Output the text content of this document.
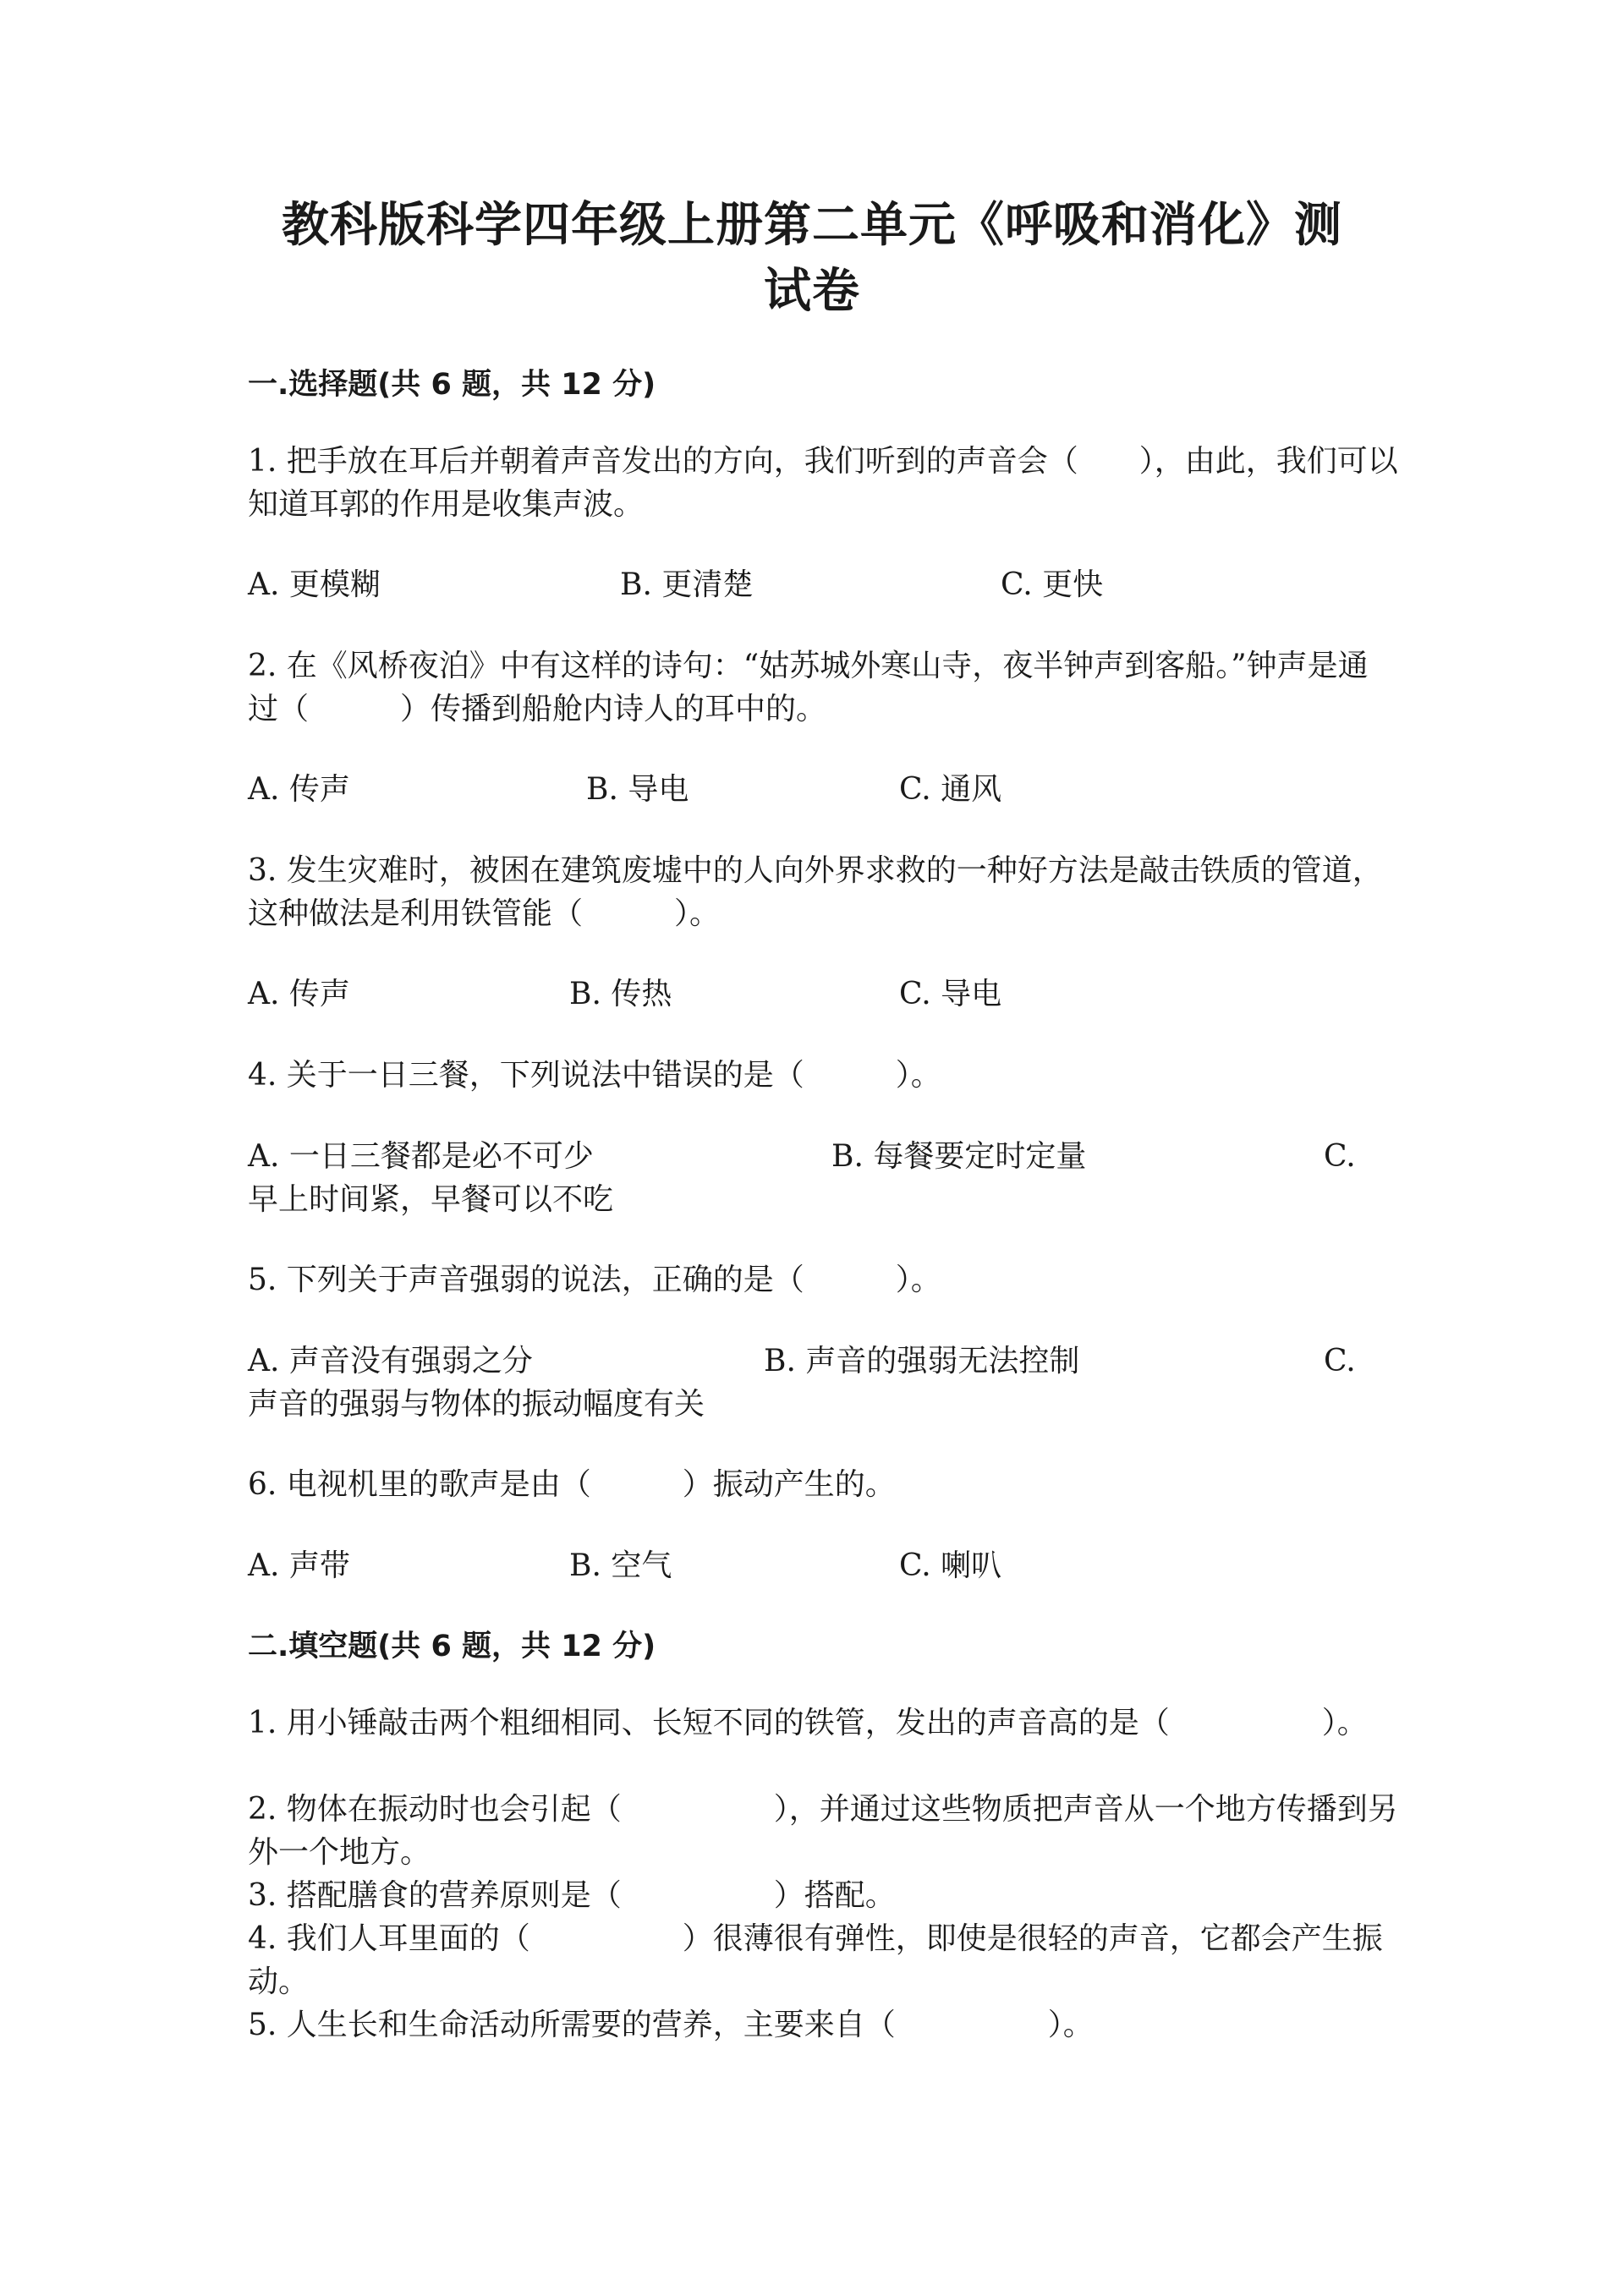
教科版科学四年级上册第二单元《呼吸和消化》测
试卷
一.选择题(共 6 题，共 12 分)
1. 把手放在耳后并朝着声音发出的方向，我们听到的声音会（　　），由此，我们可以知道耳郭的作用是收集声波。
A. 更模糊	B. 更清楚	C. 更快
2. 在《风桥夜泊》中有这样的诗句：“姑苏城外寒山寺，夜半钟声到客船。”钟声是通过（　　　）传播到船舱内诗人的耳中的。
A. 传声	B. 导电	C. 通风
3. 发生灾难时，被困在建筑废墟中的人向外界求救的一种好方法是敲击铁质的管道，这种做法是利用铁管能（　　　）。
A. 传声	B. 传热	C. 导电
4. 关于一日三餐，下列说法中错误的是（　　　）。
A. 一日三餐都是必不可少	B. 每餐要定时定量	C.
早上时间紧，早餐可以不吃
5. 下列关于声音强弱的说法，正确的是（　　　）。
A. 声音没有强弱之分	B. 声音的强弱无法控制	C.
声音的强弱与物体的振动幅度有关
6. 电视机里的歌声是由（　　　）振动产生的。
A. 声带	B. 空气	C. 喇叭
二.填空题(共 6 题，共 12 分)
1. 用小锤敲击两个粗细相同、长短不同的铁管，发出的声音高的是（　　　　　）。
2. 物体在振动时也会引起（　　　　　），并通过这些物质把声音从一个地方传播到另外一个地方。
3. 搭配膳食的营养原则是（　　　　　）搭配。
4. 我们人耳里面的（　　　　　）很薄很有弹性，即使是很轻的声音，它都会产生振动。
5. 人生长和生命活动所需要的营养，主要来自（　　　　　）。
